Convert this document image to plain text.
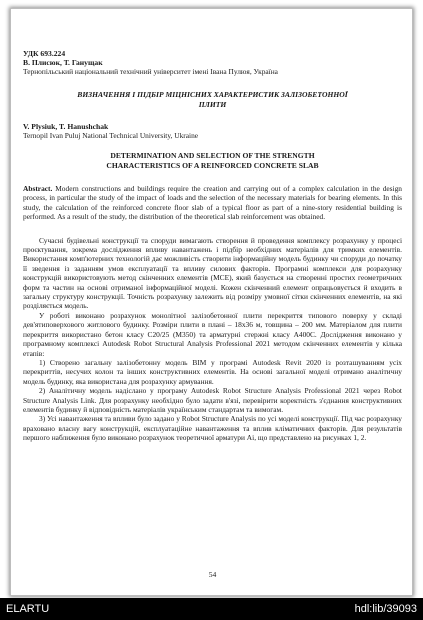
УДК 693.224
В. Плисюк, Т. Ганущак
Тернопільський національний технічний університет імені Івана Пулюя, Україна
ВИЗНАЧЕННЯ І ПІДБІР МІЦНІСНИХ ХАРАКТЕРИСТИК ЗАЛІЗОБЕТОННОЇ ПЛИТИ
V. Plysiuk, T. Hanushchak
Ternopil Ivan Puluj National Technical University, Ukraine
DETERMINATION AND SELECTION OF THE STRENGTH CHARACTERISTICS OF A REINFORCED CONCRETE SLAB

Abstract. Modern constructions and buildings require the creation and carrying out of a complex calculation in the design process, in particular the study of the impact of loads and the selection of the necessary materials for bearing elements. In this study, the calculation of the reinforced concrete floor slab of a typical floor as part of a nine-story residential building is performed. As a result of the study, the distribution of the theoretical slab reinforcement was obtained.

Сучасні будівельні конструкції та споруди вимагають створення й проведення комплексу розрахунку у процесі проєктування, зокрема дослідження впливу навантажень і підбір необхідних матеріалів для тримких елементів. Використання комп'ютерних технологій дає можливість створити інформаційну модель будинку чи споруди до початку її зведення із заданням умов експлуатації та впливу силових факторів. Програмні комплекси для розрахунку конструкцій використовують метод скінченних елементів (МСЕ), який базується на створенні простих геометричних форм та частин на основі отриманої інформаційної моделі. Кожен скінченний елемент опрацьовується й входить в загальну структуру конструкції. Точність розрахунку залежить від розміру умовної сітки скінченних елементів, на які розділяється модель.

У роботі виконано розрахунок монолітної залізобетонної плити перекриття типового поверху у складі дев'ятиповерхового житлового будинку. Розміри плити в плані – 18х36 м, товщина – 200 мм. Матеріалом для плити перекриття використано бетон класу С20/25 (М350) та арматурні стержні класу А400С. Дослідження виконано у програмному комплексі Autodesk Robot Structural Analysis Professional 2021 методом скінченних елементів у кілька етапів:

1) Створено загальну залізобетонну модель BIM у програмі Autodesk Revit 2020 із розташуванням усіх перекриттів, несучих колон та інших конструктивних елементів. На основі загальної моделі отримано аналітичну модель будинку, яка використана для розрахунку армування.

2) Аналітичну модель надіслано у програму Autodesk Robot Structure Analysis Professional 2021 через Robot Structure Analysis Link. Для розрахунку необхідно було задати в'язі, перевірити коректність з'єднання конструктивних елементів будинку й відповідність матеріалів українським стандартам та вимогам.

3) Усі навантаження та впливи було задано у Robot Structure Analysis по усі моделі конструкції. Під час розрахунку враховано власну вагу конструкцій, експлуатаційне навантаження та вплив кліматичних факторів. Для результатів першого наближення було виконано розрахунок теоретичної арматури Ai, що представлено на рисунках 1, 2.

54
ELARTU	hdl:lib/39093
